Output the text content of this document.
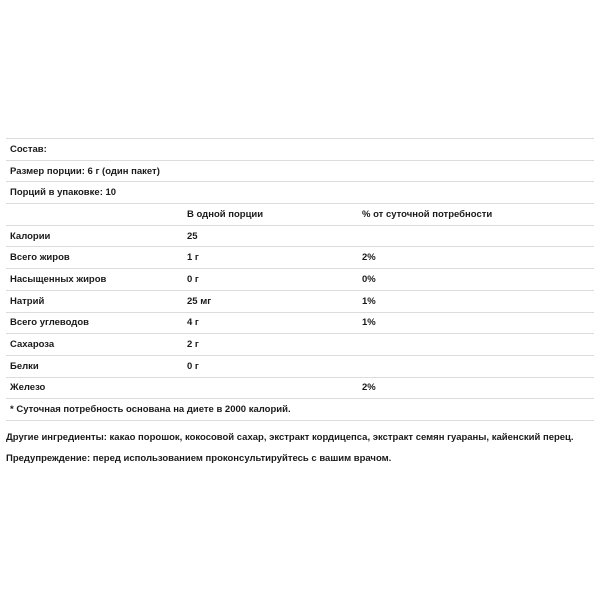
Состав:		
Размер порции: 6 г (один пакет)		
Порций в упаковке: 10		
	В одной порции	% от суточной потребности
Калории	25	
Всего жиров	1 г	2%
Насыщенных жиров	0 г	0%
Натрий	25 мг	1%
Всего углеводов	4 г	1%
Сахароза	2 г	
Белки	0 г	
Железо		2%
* Суточная потребность основана на диете в 2000 калорий.		

Другие ингредиенты: какао порошок, кокосовой сахар, экстракт кордицепса, экстракт семян гуараны, кайенский перец.

Предупреждение: перед использованием проконсультируйтесь с вашим врачом.
